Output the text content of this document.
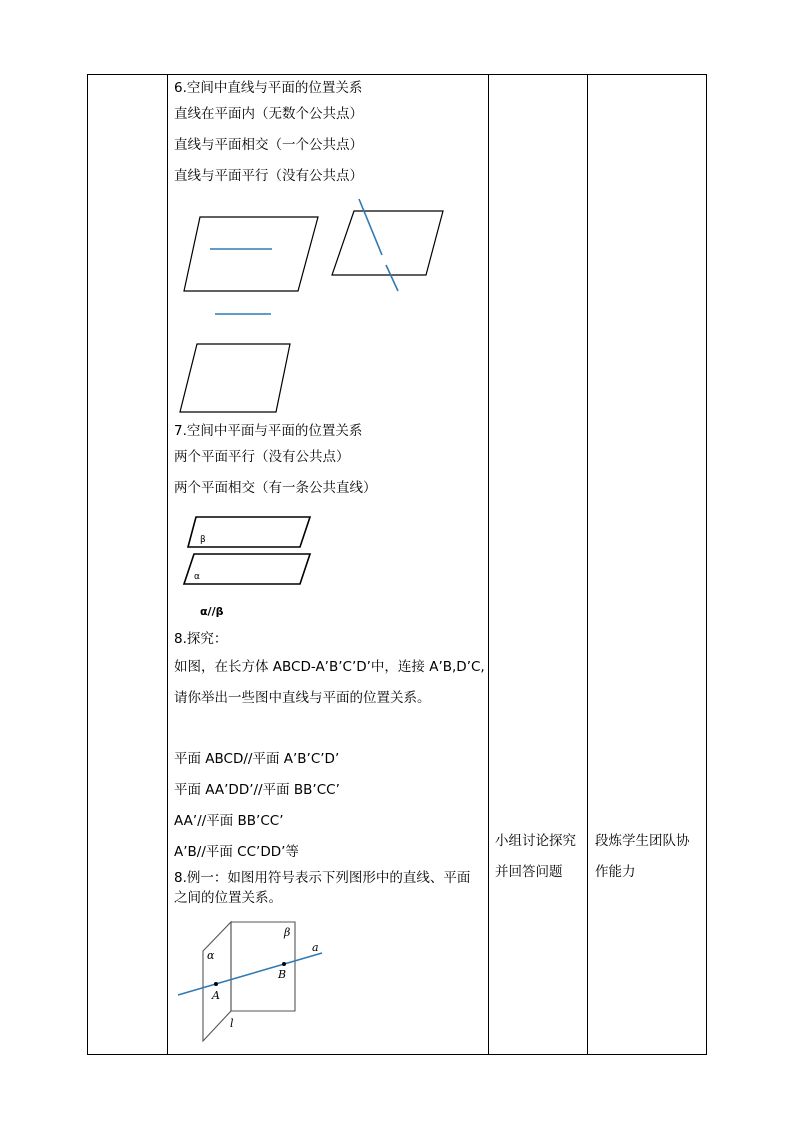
6.空间中直线与平面的位置关系
直线在平面内（无数个公共点）
直线与平面相交（一个公共点）
直线与平面平行（没有公共点）
7.空间中平面与平面的位置关系
两个平面平行（没有公共点）
两个平面相交（有一条公共直线）
β
α
α//β
8.探究：
如图，在长方体 ABCD-A’B’C’D’中，连接 A’B,D’C,
请你举出一些图中直线与平面的位置关系。
平面 ABCD//平面 A’B’C’D’
平面 AA’DD’//平面 BB’CC’
AA’//平面 BB’CC’
A’B//平面 CC’DD’等
8.例一：如图用符号表示下列图形中的直线、平面
之间的位置关系。
α
β
a
A
B
l
小组讨论探究
并回答问题
段炼学生团队协
作能力
